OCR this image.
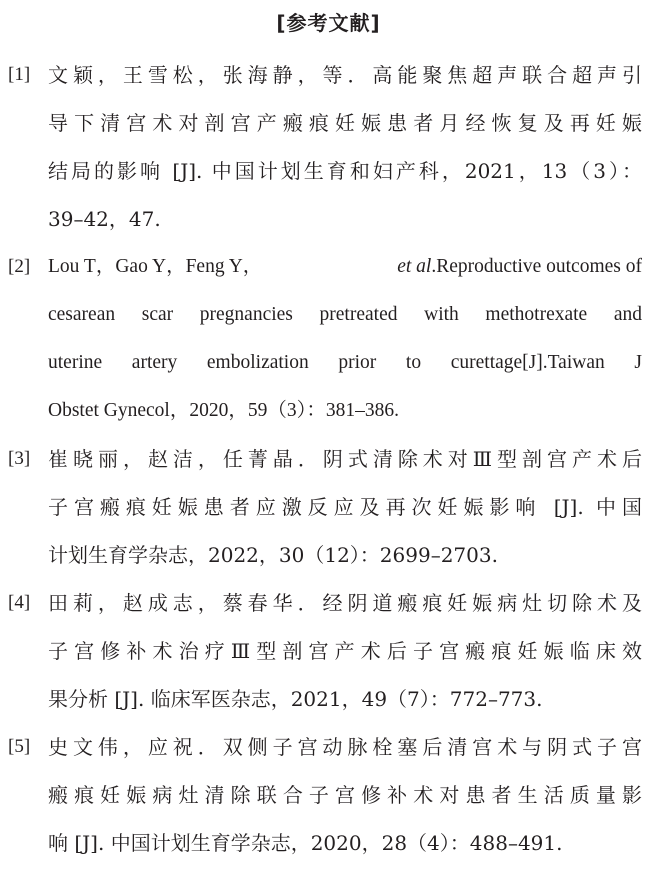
[参考文献]
[1] 文颖，王雪松，张海静，等．高能聚焦超声联合超声引
导下清宫术对剖宫产瘢痕妊娠患者月经恢复及再妊娠
结局的影响 [J]. 中国计划生育和妇产科，2021，13（3）：
39–42，47.
[2] Lou T，Gao Y，Feng Y，	et al.Reproductive outcomes of
cesarean scar pregnancies pretreated with methotrexate and
uterine artery embolization prior to curettage[J].Taiwan J
Obstet Gynecol，2020，59（3）：381–386.
[3] 崔晓丽，赵洁，任菁晶．阴式清除术对Ⅲ型剖宫产术后
子宫瘢痕妊娠患者应激反应及再次妊娠影响 [J]. 中国
计划生育学杂志，2022，30（12）：2699–2703.
[4] 田莉，赵成志，蔡春华．经阴道瘢痕妊娠病灶切除术及
子宫修补术治疗Ⅲ型剖宫产术后子宫瘢痕妊娠临床效
果分析 [J]. 临床军医杂志，2021，49（7）：772–773.
[5] 史文伟，应祝．双侧子宫动脉栓塞后清宫术与阴式子宫
瘢痕妊娠病灶清除联合子宫修补术对患者生活质量影
响 [J]. 中国计划生育学杂志，2020，28（4）：488–491.
